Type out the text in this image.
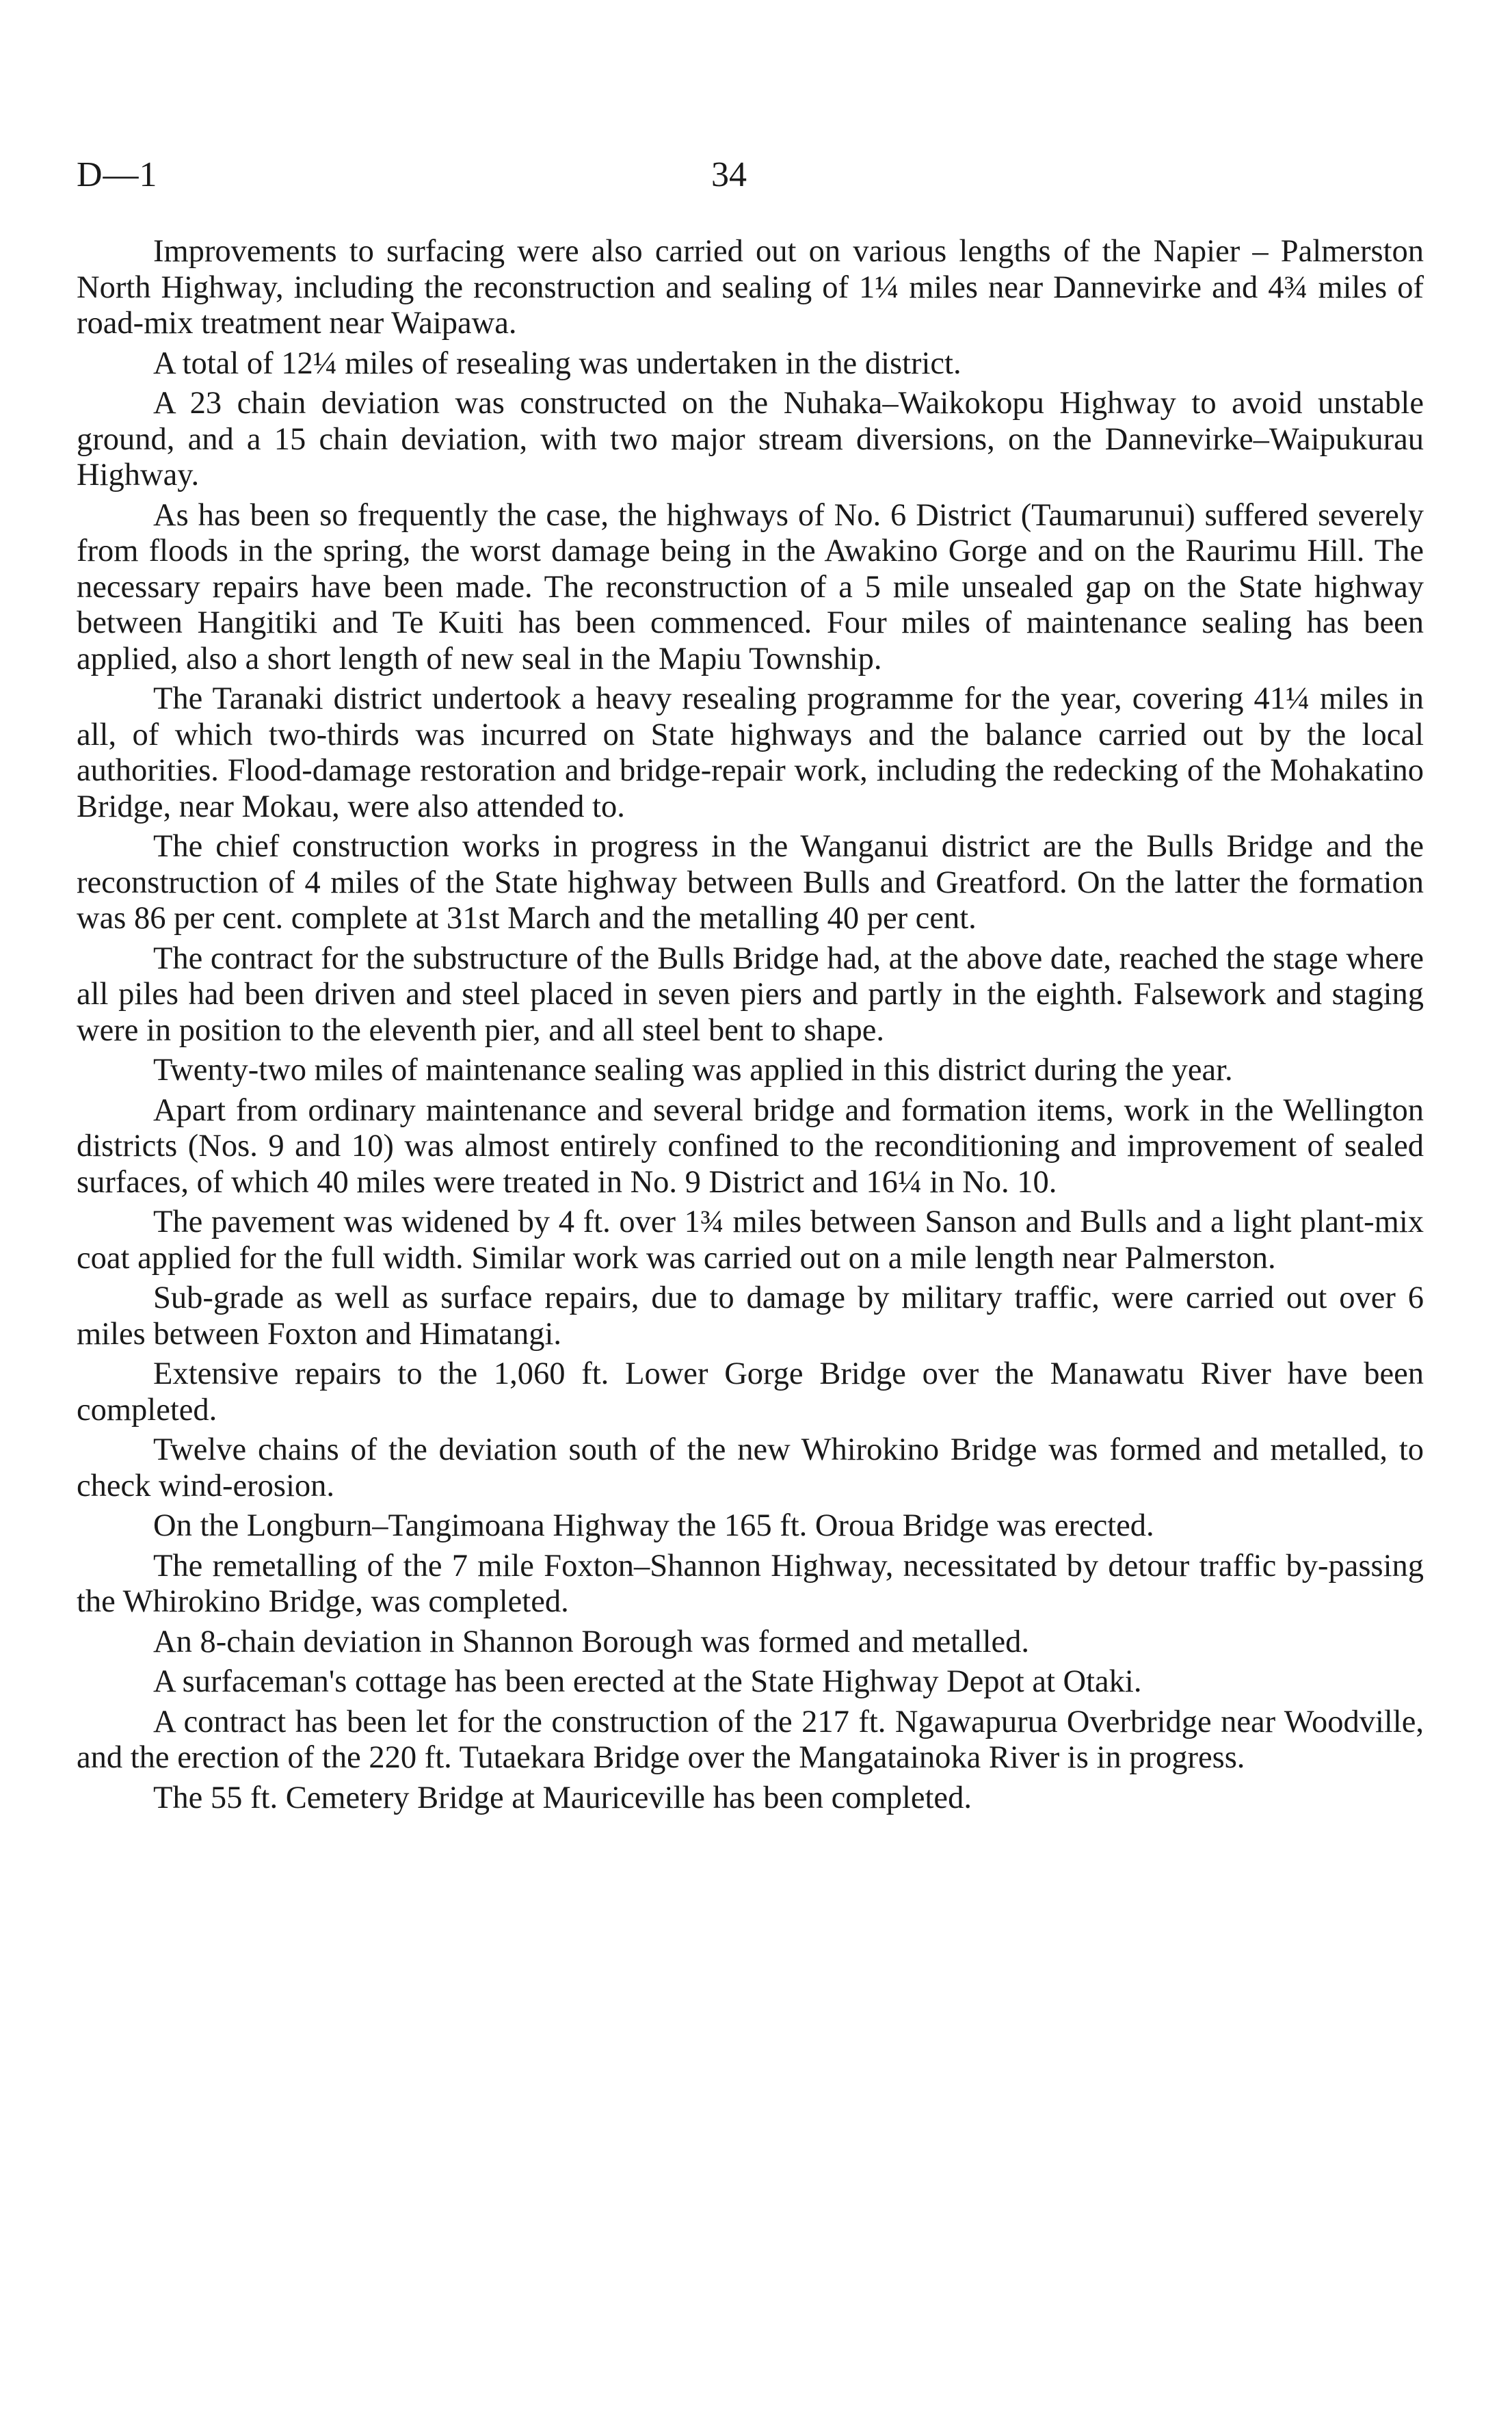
D—1	34

Improvements to surfacing were also carried out on various lengths of the Napier – Palmerston North Highway, including the reconstruction and sealing of 1¼ miles near Dannevirke and 4¾ miles of road-mix treatment near Waipawa.

A total of 12¼ miles of resealing was undertaken in the district.

A 23 chain deviation was constructed on the Nuhaka–Waikokopu Highway to avoid unstable ground, and a 15 chain deviation, with two major stream diversions, on the Dannevirke–Waipukurau Highway.

As has been so frequently the case, the highways of No. 6 District (Taumarunui) suffered severely from floods in the spring, the worst damage being in the Awakino Gorge and on the Raurimu Hill. The necessary repairs have been made. The reconstruction of a 5 mile unsealed gap on the State highway between Hangitiki and Te Kuiti has been commenced. Four miles of maintenance sealing has been applied, also a short length of new seal in the Mapiu Township.

The Taranaki district undertook a heavy resealing programme for the year, covering 41¼ miles in all, of which two-thirds was incurred on State highways and the balance carried out by the local authorities. Flood-damage restoration and bridge-repair work, including the redecking of the Mohakatino Bridge, near Mokau, were also attended to.

The chief construction works in progress in the Wanganui district are the Bulls Bridge and the reconstruction of 4 miles of the State highway between Bulls and Greatford. On the latter the formation was 86 per cent. complete at 31st March and the metalling 40 per cent.

The contract for the substructure of the Bulls Bridge had, at the above date, reached the stage where all piles had been driven and steel placed in seven piers and partly in the eighth. Falsework and staging were in position to the eleventh pier, and all steel bent to shape.

Twenty-two miles of maintenance sealing was applied in this district during the year.

Apart from ordinary maintenance and several bridge and formation items, work in the Wellington districts (Nos. 9 and 10) was almost entirely confined to the reconditioning and improvement of sealed surfaces, of which 40 miles were treated in No. 9 District and 16¼ in No. 10.

The pavement was widened by 4 ft. over 1¾ miles between Sanson and Bulls and a light plant-mix coat applied for the full width. Similar work was carried out on a mile length near Palmerston.

Sub-grade as well as surface repairs, due to damage by military traffic, were carried out over 6 miles between Foxton and Himatangi.

Extensive repairs to the 1,060 ft. Lower Gorge Bridge over the Manawatu River have been completed.

Twelve chains of the deviation south of the new Whirokino Bridge was formed and metalled, to check wind-erosion.

On the Longburn–Tangimoana Highway the 165 ft. Oroua Bridge was erected.

The remetalling of the 7 mile Foxton–Shannon Highway, necessitated by detour traffic by-passing the Whirokino Bridge, was completed.

An 8-chain deviation in Shannon Borough was formed and metalled.

A surfaceman's cottage has been erected at the State Highway Depot at Otaki.

A contract has been let for the construction of the 217 ft. Ngawapurua Overbridge near Woodville, and the erection of the 220 ft. Tutaekara Bridge over the Mangatainoka River is in progress.

The 55 ft. Cemetery Bridge at Mauriceville has been completed.
